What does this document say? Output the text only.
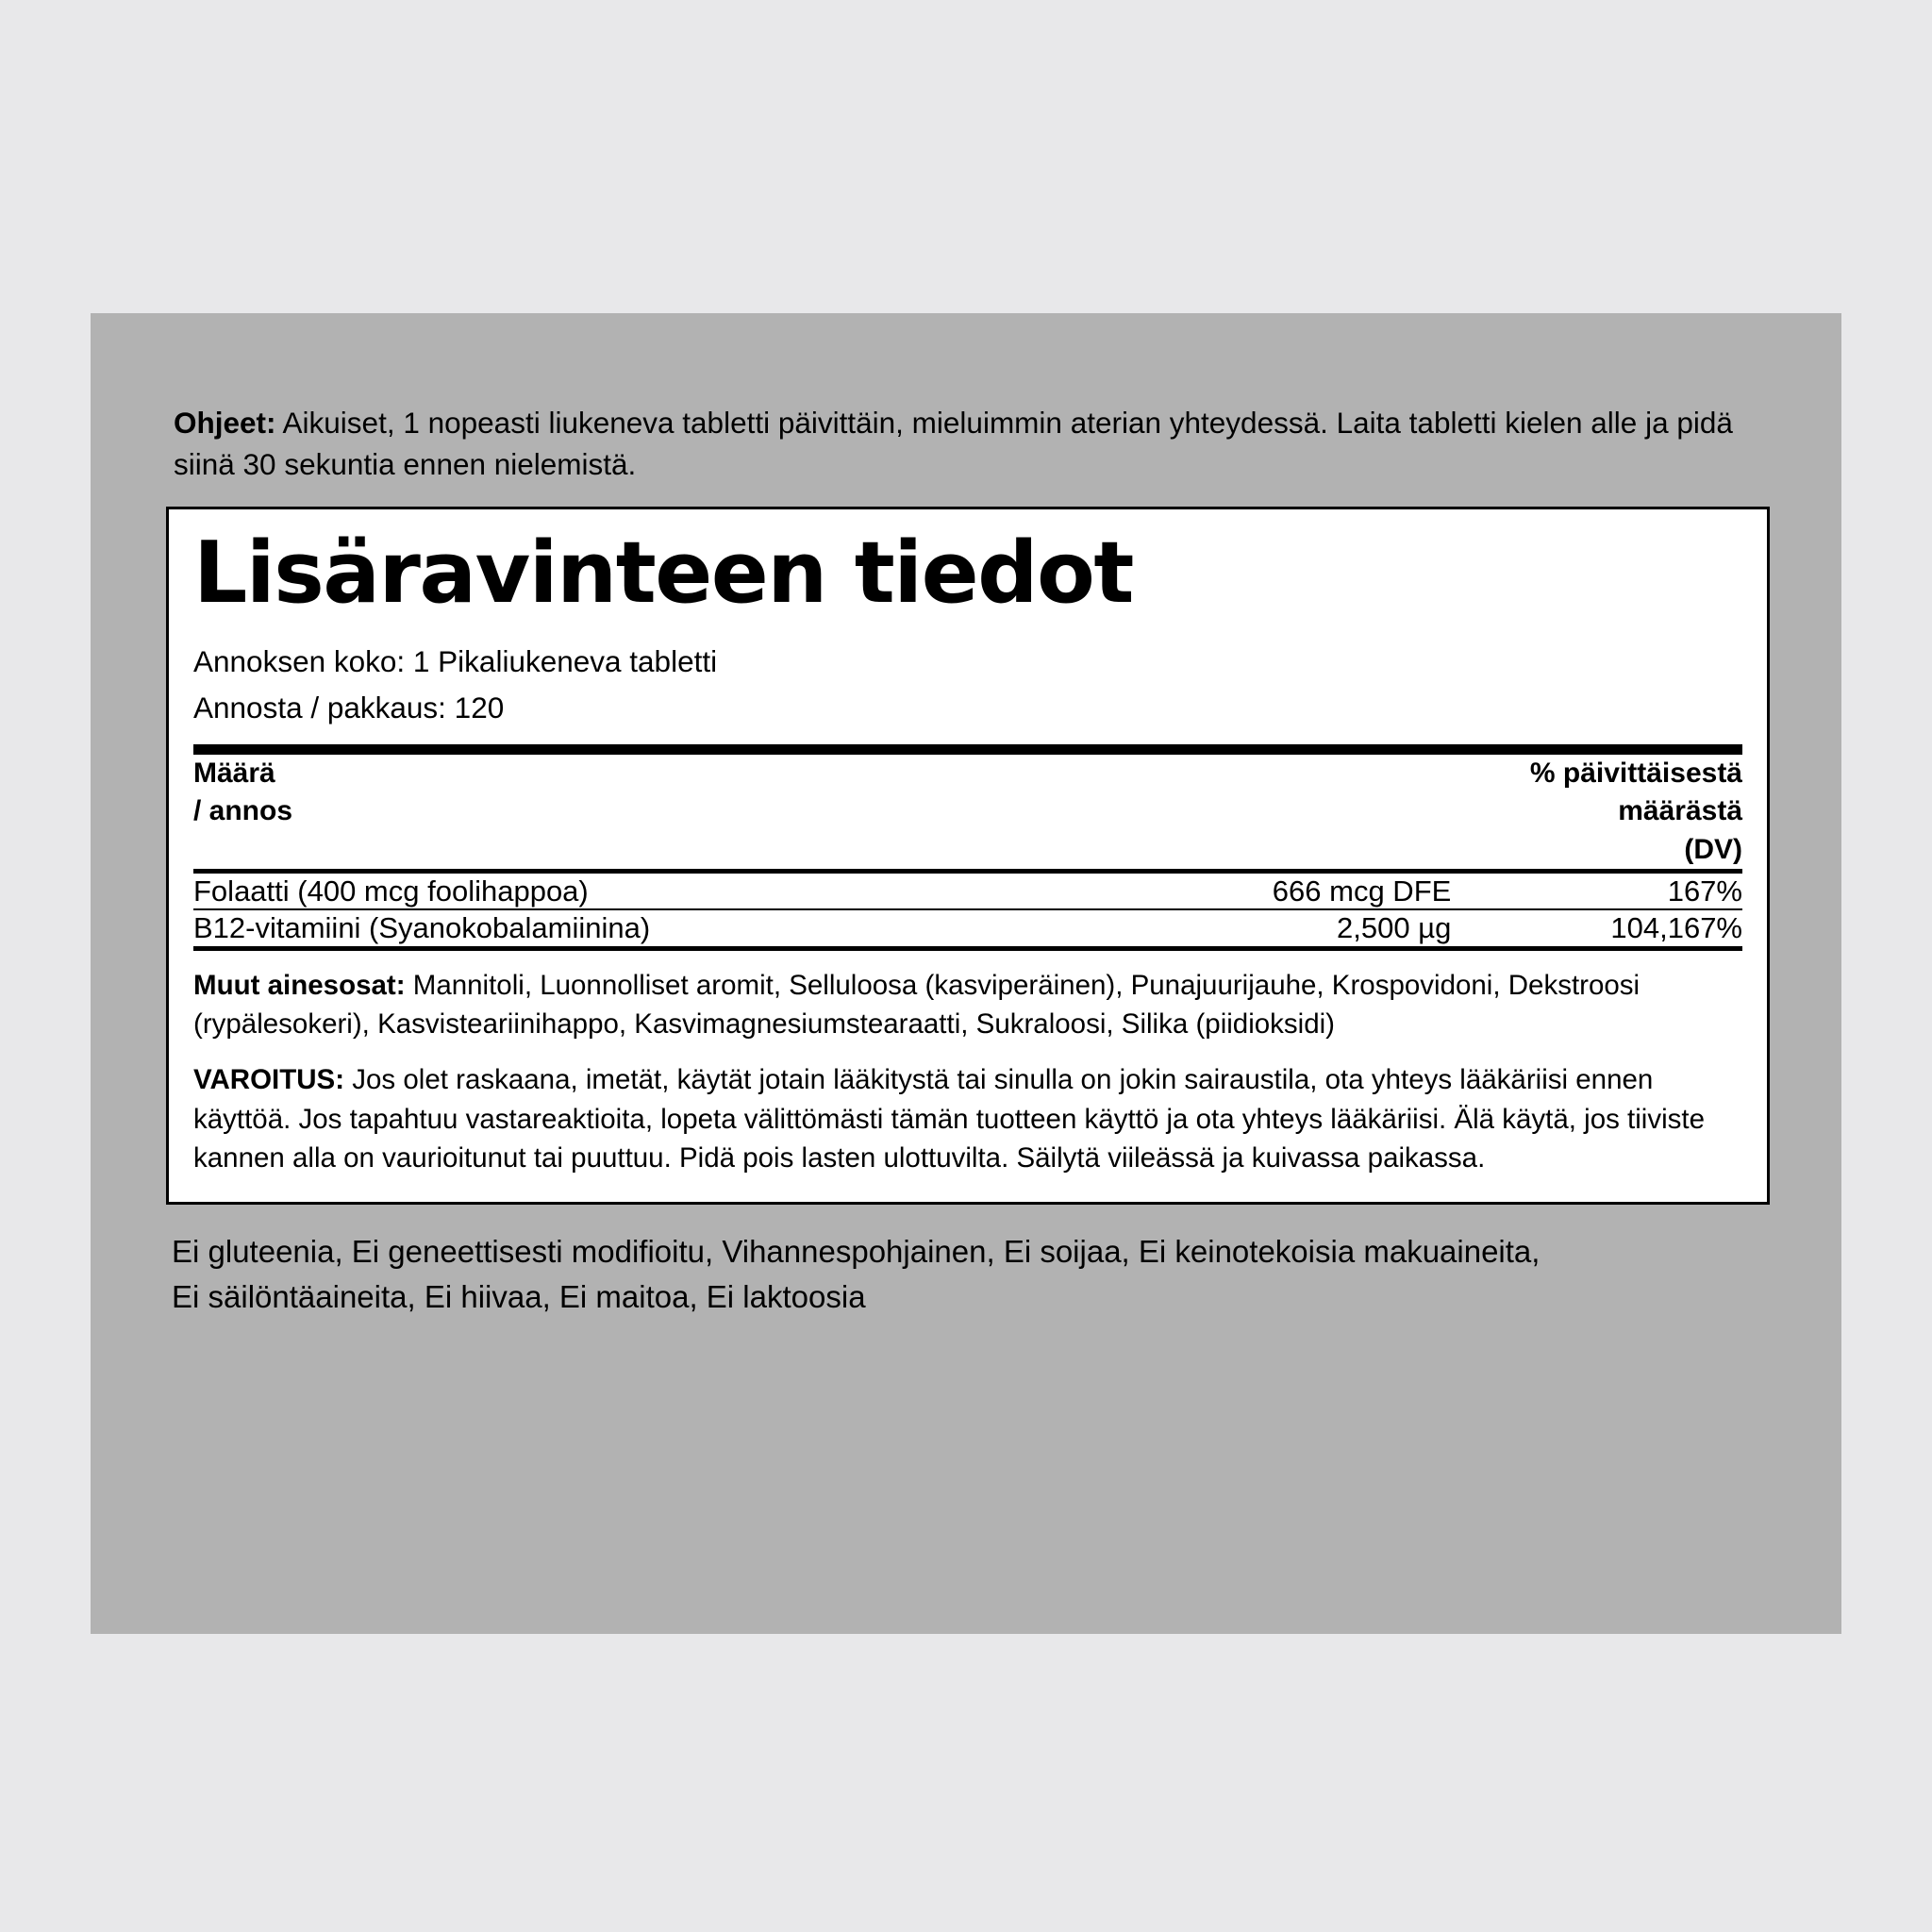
Ohjeet: Aikuiset, 1 nopeasti liukeneva tabletti päivittäin, mieluimmin aterian yhteydessä. Laita tabletti kielen alle ja pidä siinä 30 sekuntia ennen nielemistä.

Lisäravinteen tiedot
Annoksen koko: 1 Pikaliukeneva tabletti
Annosta / pakkaus: 120
Määrä
/ annos

% päivittäisestä
määrästä
(DV)
Folaatti (400 mcg foolihappoa)	666 mcg DFE	167%

B12-vitamiini (Syanokobalamiinina)	2,500 µg	104,167%

Muut ainesosat: Mannitoli, Luonnolliset aromit, Selluloosa (kasviperäinen), Punajuurijauhe, Krospovidoni, Dekstroosi (rypälesokeri), Kasvisteariinihappo, Kasvimagnesiumstearaatti, Sukraloosi, Silika (piidioksidi)

VAROITUS: Jos olet raskaana, imetät, käytät jotain lääkitystä tai sinulla on jokin sairaustila, ota yhteys lääkäriisi ennen käyttöä. Jos tapahtuu vastareaktioita, lopeta välittömästi tämän tuotteen käyttö ja ota yhteys lääkäriisi. Älä käytä, jos tiiviste kannen alla on vaurioitunut tai puuttuu. Pidä pois lasten ulottuvilta. Säilytä viileässä ja kuivassa paikassa.

Ei gluteenia, Ei geneettisesti modifioitu, Vihannespohjainen, Ei soijaa, Ei keinotekoisia makuaineita,
Ei säilöntäaineita, Ei hiivaa, Ei maitoa, Ei laktoosia
